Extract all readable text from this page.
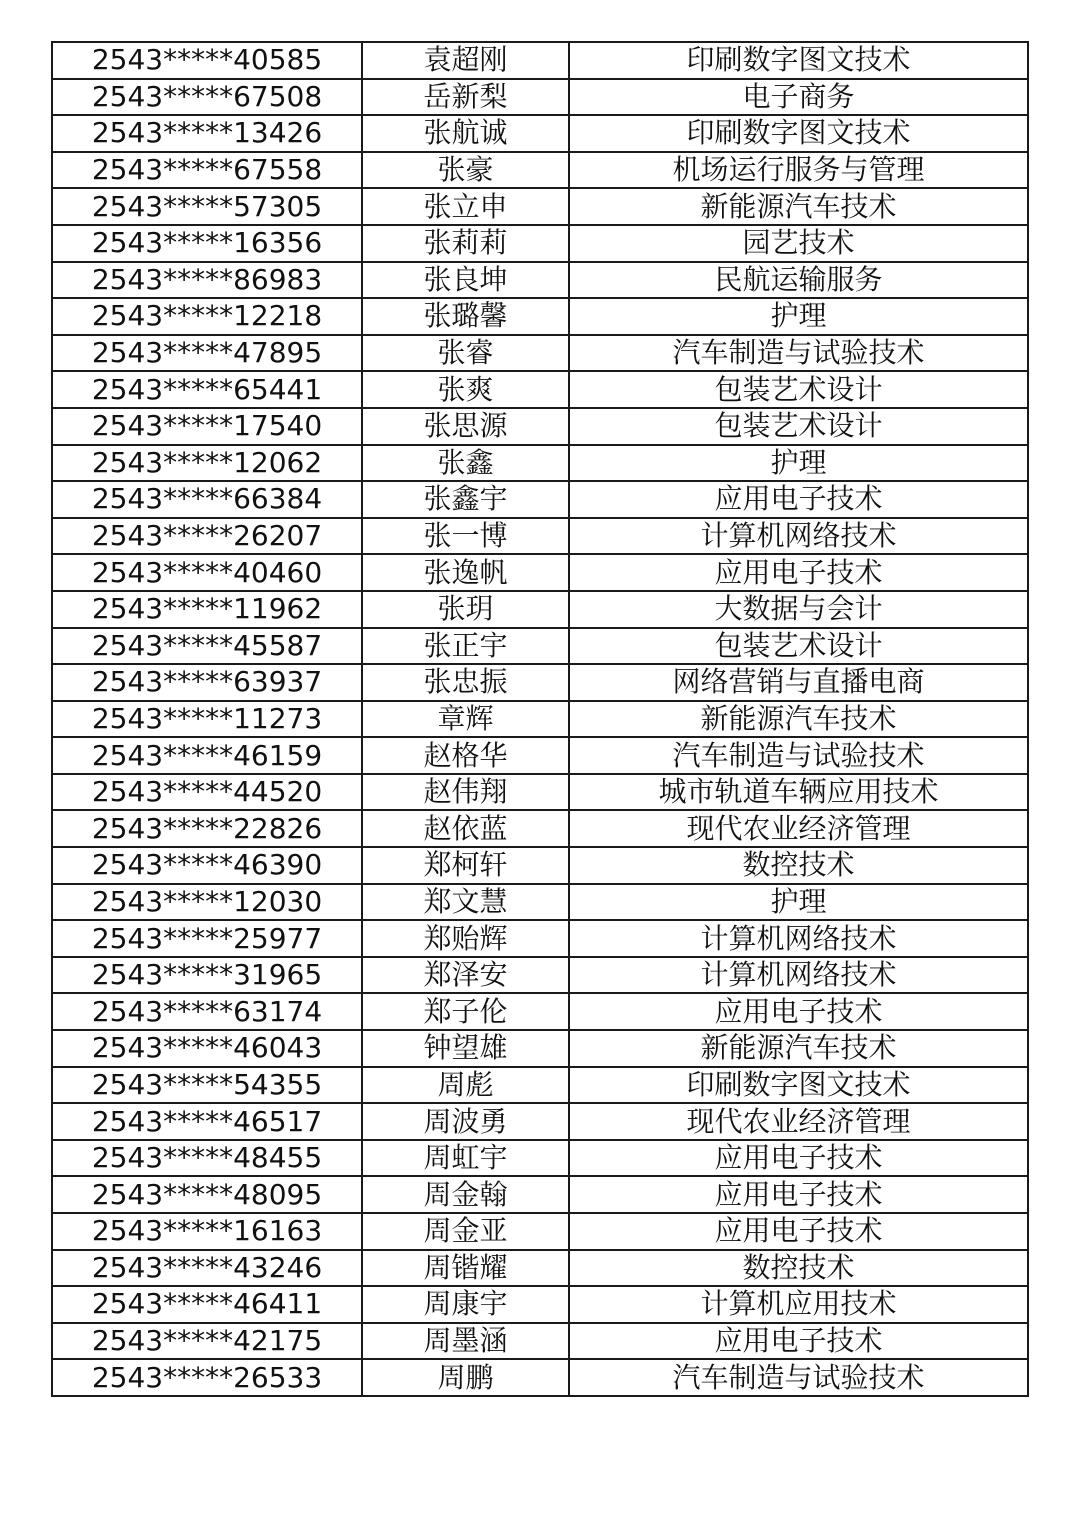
2543*****40585	袁超刚	印刷数字图文技术
2543*****67508	岳新梨	电子商务
2543*****13426	张航诚	印刷数字图文技术
2543*****67558	张豪	机场运行服务与管理
2543*****57305	张立申	新能源汽车技术
2543*****16356	张莉莉	园艺技术
2543*****86983	张良坤	民航运输服务
2543*****12218	张璐馨	护理
2543*****47895	张睿	汽车制造与试验技术
2543*****65441	张爽	包装艺术设计
2543*****17540	张思源	包装艺术设计
2543*****12062	张鑫	护理
2543*****66384	张鑫宇	应用电子技术
2543*****26207	张一博	计算机网络技术
2543*****40460	张逸帆	应用电子技术
2543*****11962	张玥	大数据与会计
2543*****45587	张正宇	包装艺术设计
2543*****63937	张忠振	网络营销与直播电商
2543*****11273	章辉	新能源汽车技术
2543*****46159	赵格华	汽车制造与试验技术
2543*****44520	赵伟翔	城市轨道车辆应用技术
2543*****22826	赵依蓝	现代农业经济管理
2543*****46390	郑柯轩	数控技术
2543*****12030	郑文慧	护理
2543*****25977	郑贻辉	计算机网络技术
2543*****31965	郑泽安	计算机网络技术
2543*****63174	郑子伦	应用电子技术
2543*****46043	钟望雄	新能源汽车技术
2543*****54355	周彪	印刷数字图文技术
2543*****46517	周波勇	现代农业经济管理
2543*****48455	周虹宇	应用电子技术
2543*****48095	周金翰	应用电子技术
2543*****16163	周金亚	应用电子技术
2543*****43246	周锴耀	数控技术
2543*****46411	周康宇	计算机应用技术
2543*****42175	周墨涵	应用电子技术
2543*****26533	周鹏	汽车制造与试验技术
